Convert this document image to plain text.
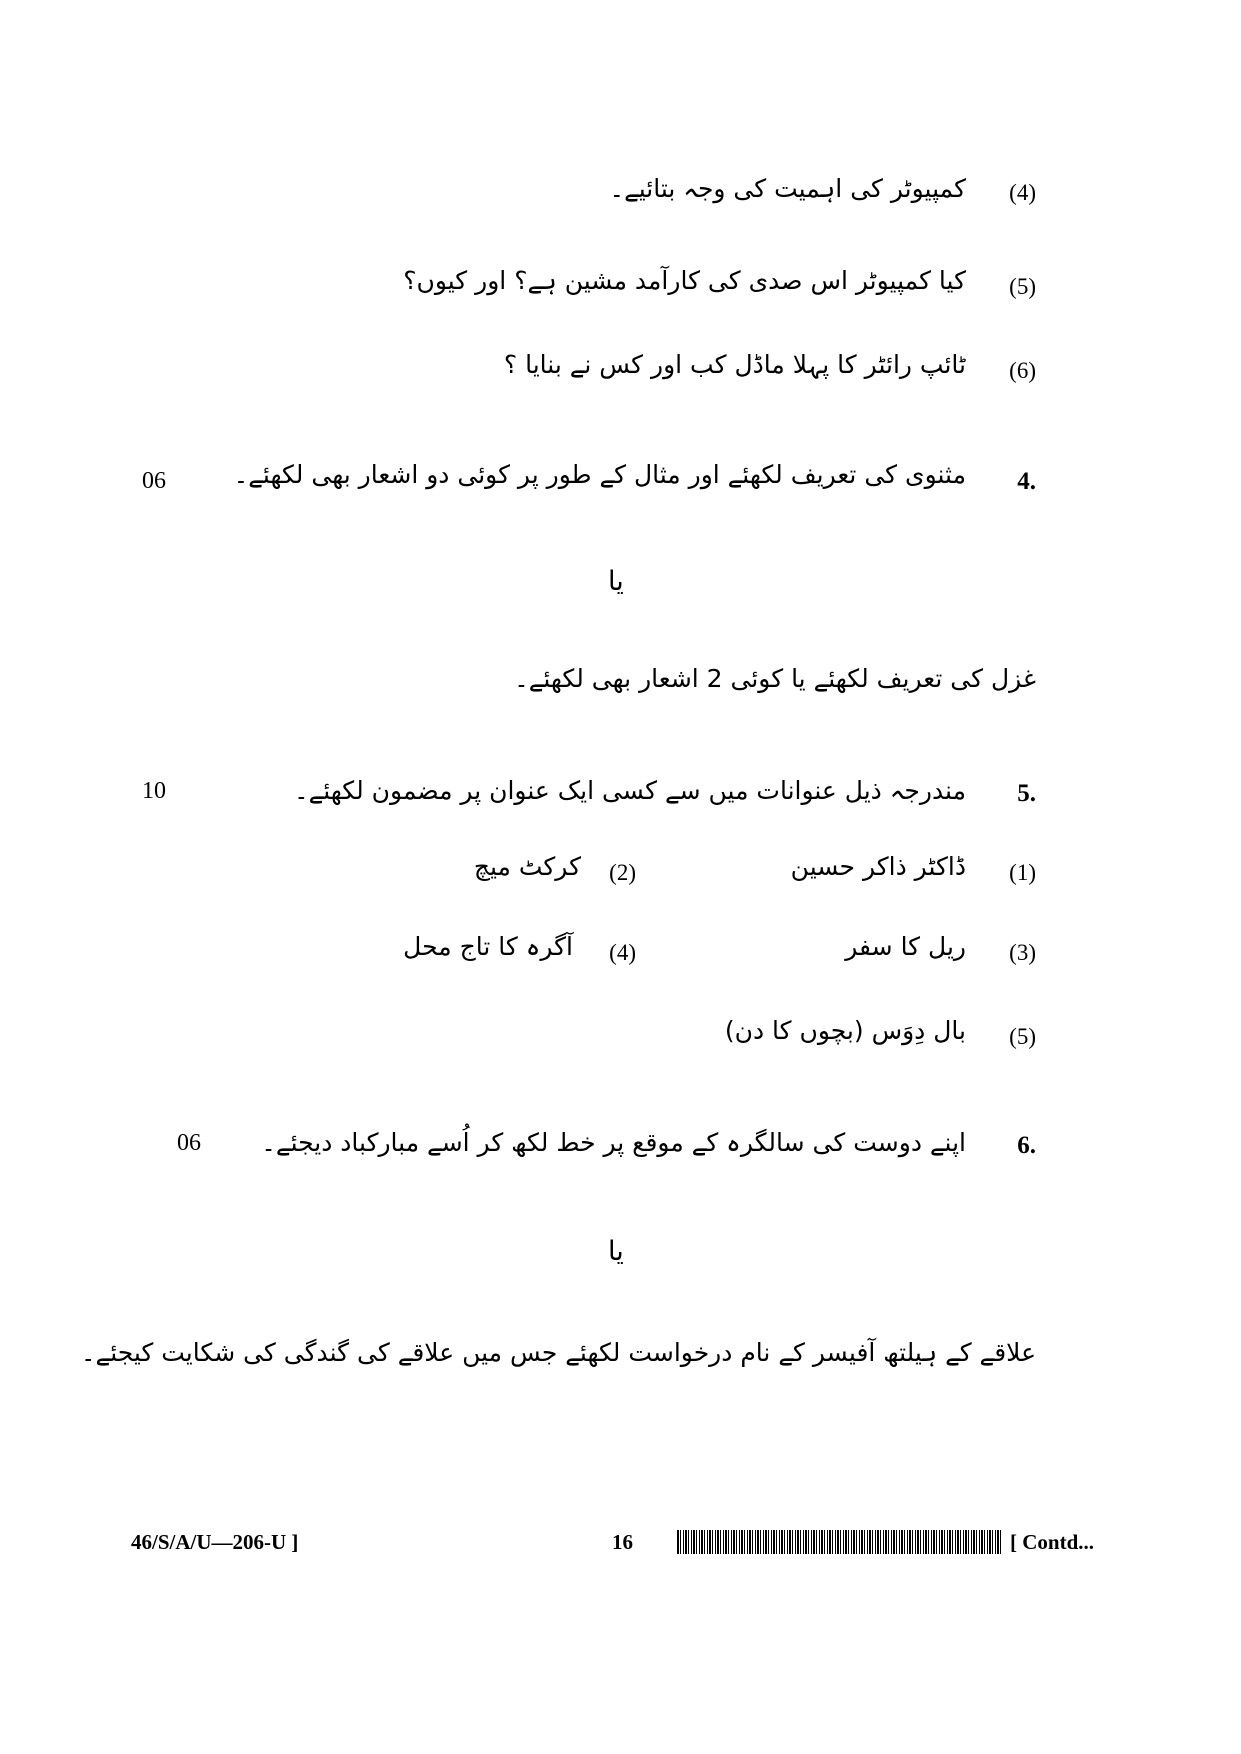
(4)
کمپیوٹر کی اہمیت کی وجہ بتائیے۔
(5)
کیا کمپیوٹر اس صدی کی کارآمد مشین ہے؟ اور کیوں؟
(6)
ٹائپ رائٹر کا پہلا ماڈل کب اور کس نے بنایا ؟
06	مثنوی کی تعریف لکھئے اور مثال کے طور پر کوئی دو اشعار بھی لکھئے۔ 4.
یا
غزل کی تعریف لکھئے یا کوئی 2 اشعار بھی لکھئے۔
10	مندرجہ ذیل عنوانات میں سے کسی ایک عنوان پر مضمون لکھئے۔ 5.
(1)
ڈاکٹر ذاکر حسین
(2)
کرکٹ میچ
(3)
ریل کا سفر
(4)
آگرہ کا تاج محل
(5)
بال دِوَس (بچوں کا دن)
06 اپنے دوست کی سالگرہ کے موقع پر خط لکھ کر اُسے مبارکباد دیجئے۔ 6.
یا
علاقے کے ہیلتھ آفیسر کے نام درخواست لکھئے جس میں علاقے کی گندگی کی شکایت کیجئے۔
46/S/A/U—206-U ]	16	[ Contd...
